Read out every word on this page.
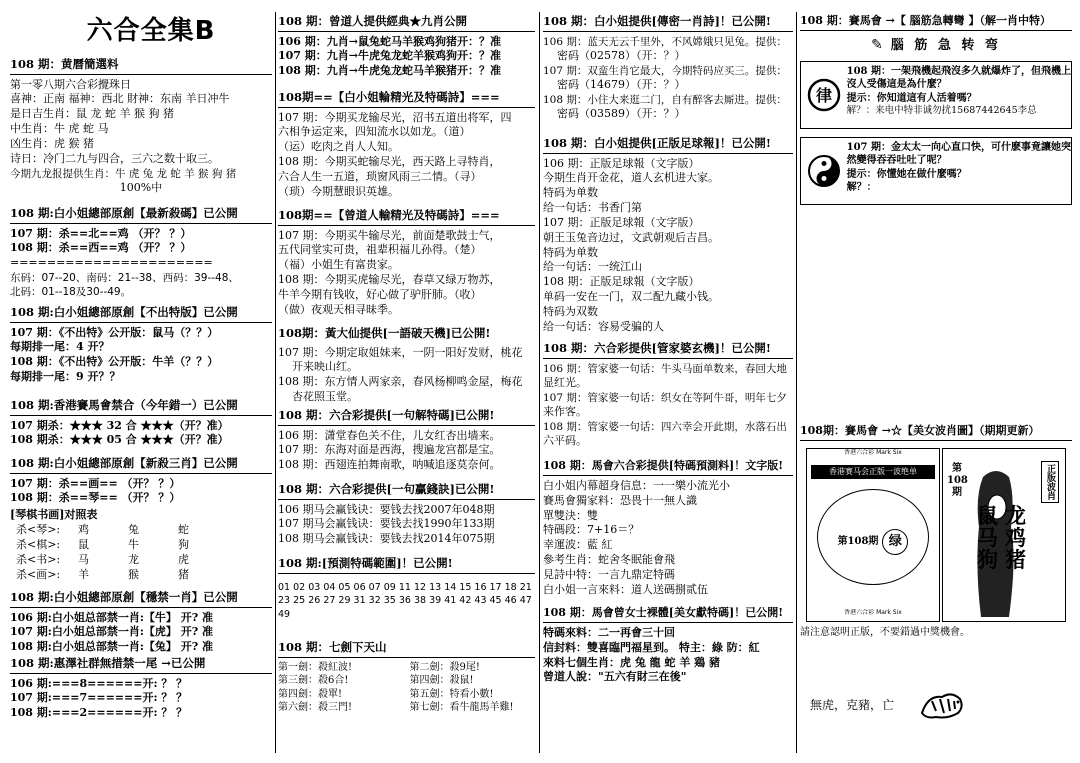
六合全集B
108 期：黄曆簡選料
第一零八期六合彩攪珠日
喜神：正南 福神：西北 財神：东南 羊日冲牛
是日吉生肖：鼠 龙 蛇 羊 猴 狗 猪
中生肖：牛 虎 蛇 马
凶生肖：虎 猴 猪
诗日：冷门二九与四合，三六之数十取三。
今期九龙报提供生肖：牛 虎 兔 龙 蛇 羊 猴 狗 猪
100%中
108 期:白小姐總部原創【最新殺碼】已公開
107 期：杀==北==鸡 （开？ ？）
108 期：杀==西==鸡 （开？ ？）
======================
东码：07--20、南码：21--38、西码：39--48、
北码：01--18及30--49。
108 期:白小姐總部原創【不出特版】已公開
107 期：《不出特》公开版：鼠马（？？）
每期排一尾：4 开？
108 期：《不出特》公开版：牛羊（？？）
每期排一尾：9 开？？
108 期:香港賽馬會禁合（今年錯一）已公開
107 期杀：★★★ 32 合 ★★★（开？准）
108 期杀：★★★ 05 合 ★★★（开？准）
108 期:白小姐總部原創【新殺三肖】已公開
107 期：杀==画== （开？ ？）
108 期：杀==琴== （开？ ？）
[琴棋书画]对照表
杀<琴>:	鸡	兔	蛇
杀<棋>:	鼠	牛	狗
杀<书>:	马	龙	虎
杀<画>:	羊	猴	猪
108 期:白小姐總部原創【穩禁一肖】已公開
106 期:白小姐总部禁一肖:【牛】 开? 准
107 期:白小姐总部禁一肖:【虎】 开? 准
108 期:白小姐总部禁一肖:【兔】 开? 准
108 期:惠澤社群無措禁一尾 →已公開
106 期:===8======开: ？ ？
107 期:===7======开: ？ ？
108 期:===2======开: ？ ？
108 期：曾道人提供經典★九肖公開
106 期：九肖→鼠兔蛇马羊猴鸡狗猪开：？准
107 期：九肖→牛虎兔龙蛇羊猴鸡狗开：？准
108 期：九肖→牛虎兔龙蛇马羊猴猪开：？准
108期==【白小姐輪精光及特碼詩】===
107 期：今期买龙输尽光，沼书五道出将军，四
六相争运定来，四知流水以如龙。（道）
（运）吃肉之肖人人知。
108 期：今期买蛇输尽光，西天路上寻特肖，
六合人生一五道，琐窗风雨三二情。（寻）
（琐）今期慧眼识英雄。
108期==【曾道人輸精光及特碼詩】===
107 期：今期买牛输尽光，前面楚歌鼓士气，
五代同堂实可贵，祖辈积福儿孙得。（楚）
（福）小姐生有富贵家。
108 期：今期买虎输尽光，春草又绿万物苏，
牛羊今期有钱收，好心做了驴肝肺。（收）
（做）夜观天相寻昧季。
108期：黃大仙提供[一語破天機]已公開!
107 期：今期定取姐妹来，一阴一阳好发财，桃花
开来映山红。
108 期：东方情人两家亲，春风杨柳鸣金屋，梅花
杏花照玉堂。
108 期：六合彩提供[一句解特碼]已公開!
106 期：潇堂春色关不住，儿女红杏出墙来。
107 期：东海对面是西海，搜遍龙宫都是宝。
108 期：西翅连拍舞南歌，呐喊追逐莫奈何。
108 期：六合彩提供[一句贏錢訣]已公開!
106 期马会赢钱诀：要钱去找2007年048期
107 期马会赢钱诀：要钱去找1990年133期
108 期马会赢钱诀：要钱去找2014年075期
108 期:[預測特碼範圍]！已公開!
01 02 03 04 05 06 07 09 11 12 13 14 15 16 17 18 21 23 25 26 27 29 31 32 35 36 38 39 41 42 43 45 46 47 49
108 期：七劍下天山
第一劍：殺紅波!	第二劍：殺9尾!
第三劍：殺6合!	第四劍：殺鼠!
第四劍：殺單!	第五劍：特看小數!
第六劍：殺三門!	第七劍：看牛龍馬羊雞!
108 期：白小姐提供[傳密一肖詩]！已公開!
106 期：蓝天无云千里外，不风嫦娥只见兔。提供：
密码（02578）（开：？）
107 期：双蛮生肖它最大，今期特码应买三。提供：
密码（14679）（开：？）
108 期：小住大来逛二门，自有醉客去厮进。提供：
密码（03589）（开：？）
108 期：白小姐提供[正版足球報]！已公開!
106 期：正版足球報（文字版）
今期生肖开金花，道人玄机进大家。
特码为单数
给一句话：书香门第
107 期：正版足球報（文字版）
朝王玉兔音边过，文武朝观后吉昌。
特码为单数
给一句话：一统江山
108 期：正版足球報（文字版）
单码一安在一门，双二配九藏小钱。
特码为双数
给一句话：容易受骗的人
108 期：六合彩提供[管家婆玄機]！已公開!
106 期：管家婆一句话：牛头马面单数来，春回大地
显红光。
107 期：管家婆一句话：织女在等阿牛哥，明年七夕
来作客。
108 期：管家婆一句话：四六幸会开此期，水落石出
六平码。
108 期：馬會六合彩提供[特碼預測料]！文字版!
白小姐内幕超身信息：一一樂小流光小
賽馬會獨家料：恐畏十一無人識
單雙決：雙
特碼段：7+16＝？
幸運波：藍 紅
參考生肖：蛇舍冬眠能會飛
見詩中特：一言九鼎定特碼
白小姐一言來料：道人送碼捌贰伍
108 期：馬會曾女士裸體[美女獻特碼]！已公開!
特碼來料：二一再會三十回
信封料：雙喜臨門福星到。 特主：綠 防：紅
來料七個生肖：虎 兔 龍 蛇 羊 鶏 豬
曾道人說："五六有財三在後"
108 期：賽馬會 →【 腦筋急轉彎 】（解一肖中特）
✎ 腦 筋 急 转 弯
律
108 期：一架飛機起飛沒多久就爆炸了，但飛機上
沒人受傷這是為什麼？
提示：你知道這有人活着嗎？
解？：来电中特非诚勿扰15687442645李总
107 期：金太太一向心直口快，可什麽事竟讓她突
然變得吞吞吐吐了呢？
提示：你懂她在做什麼嗎？
解？：
108期：賽馬會 →☆【美女波肖圖】（期期更新）
香港六合彩 Mark Six
香港赛马会正版一波绝单
第108期 绿
香港六合彩 Mark Six
正版波肖
第 108 期
鼠 龙
马 鸡
狗 猪
請注意認明正版，不要錯過中獎機會。
無虎，克豬，亡
